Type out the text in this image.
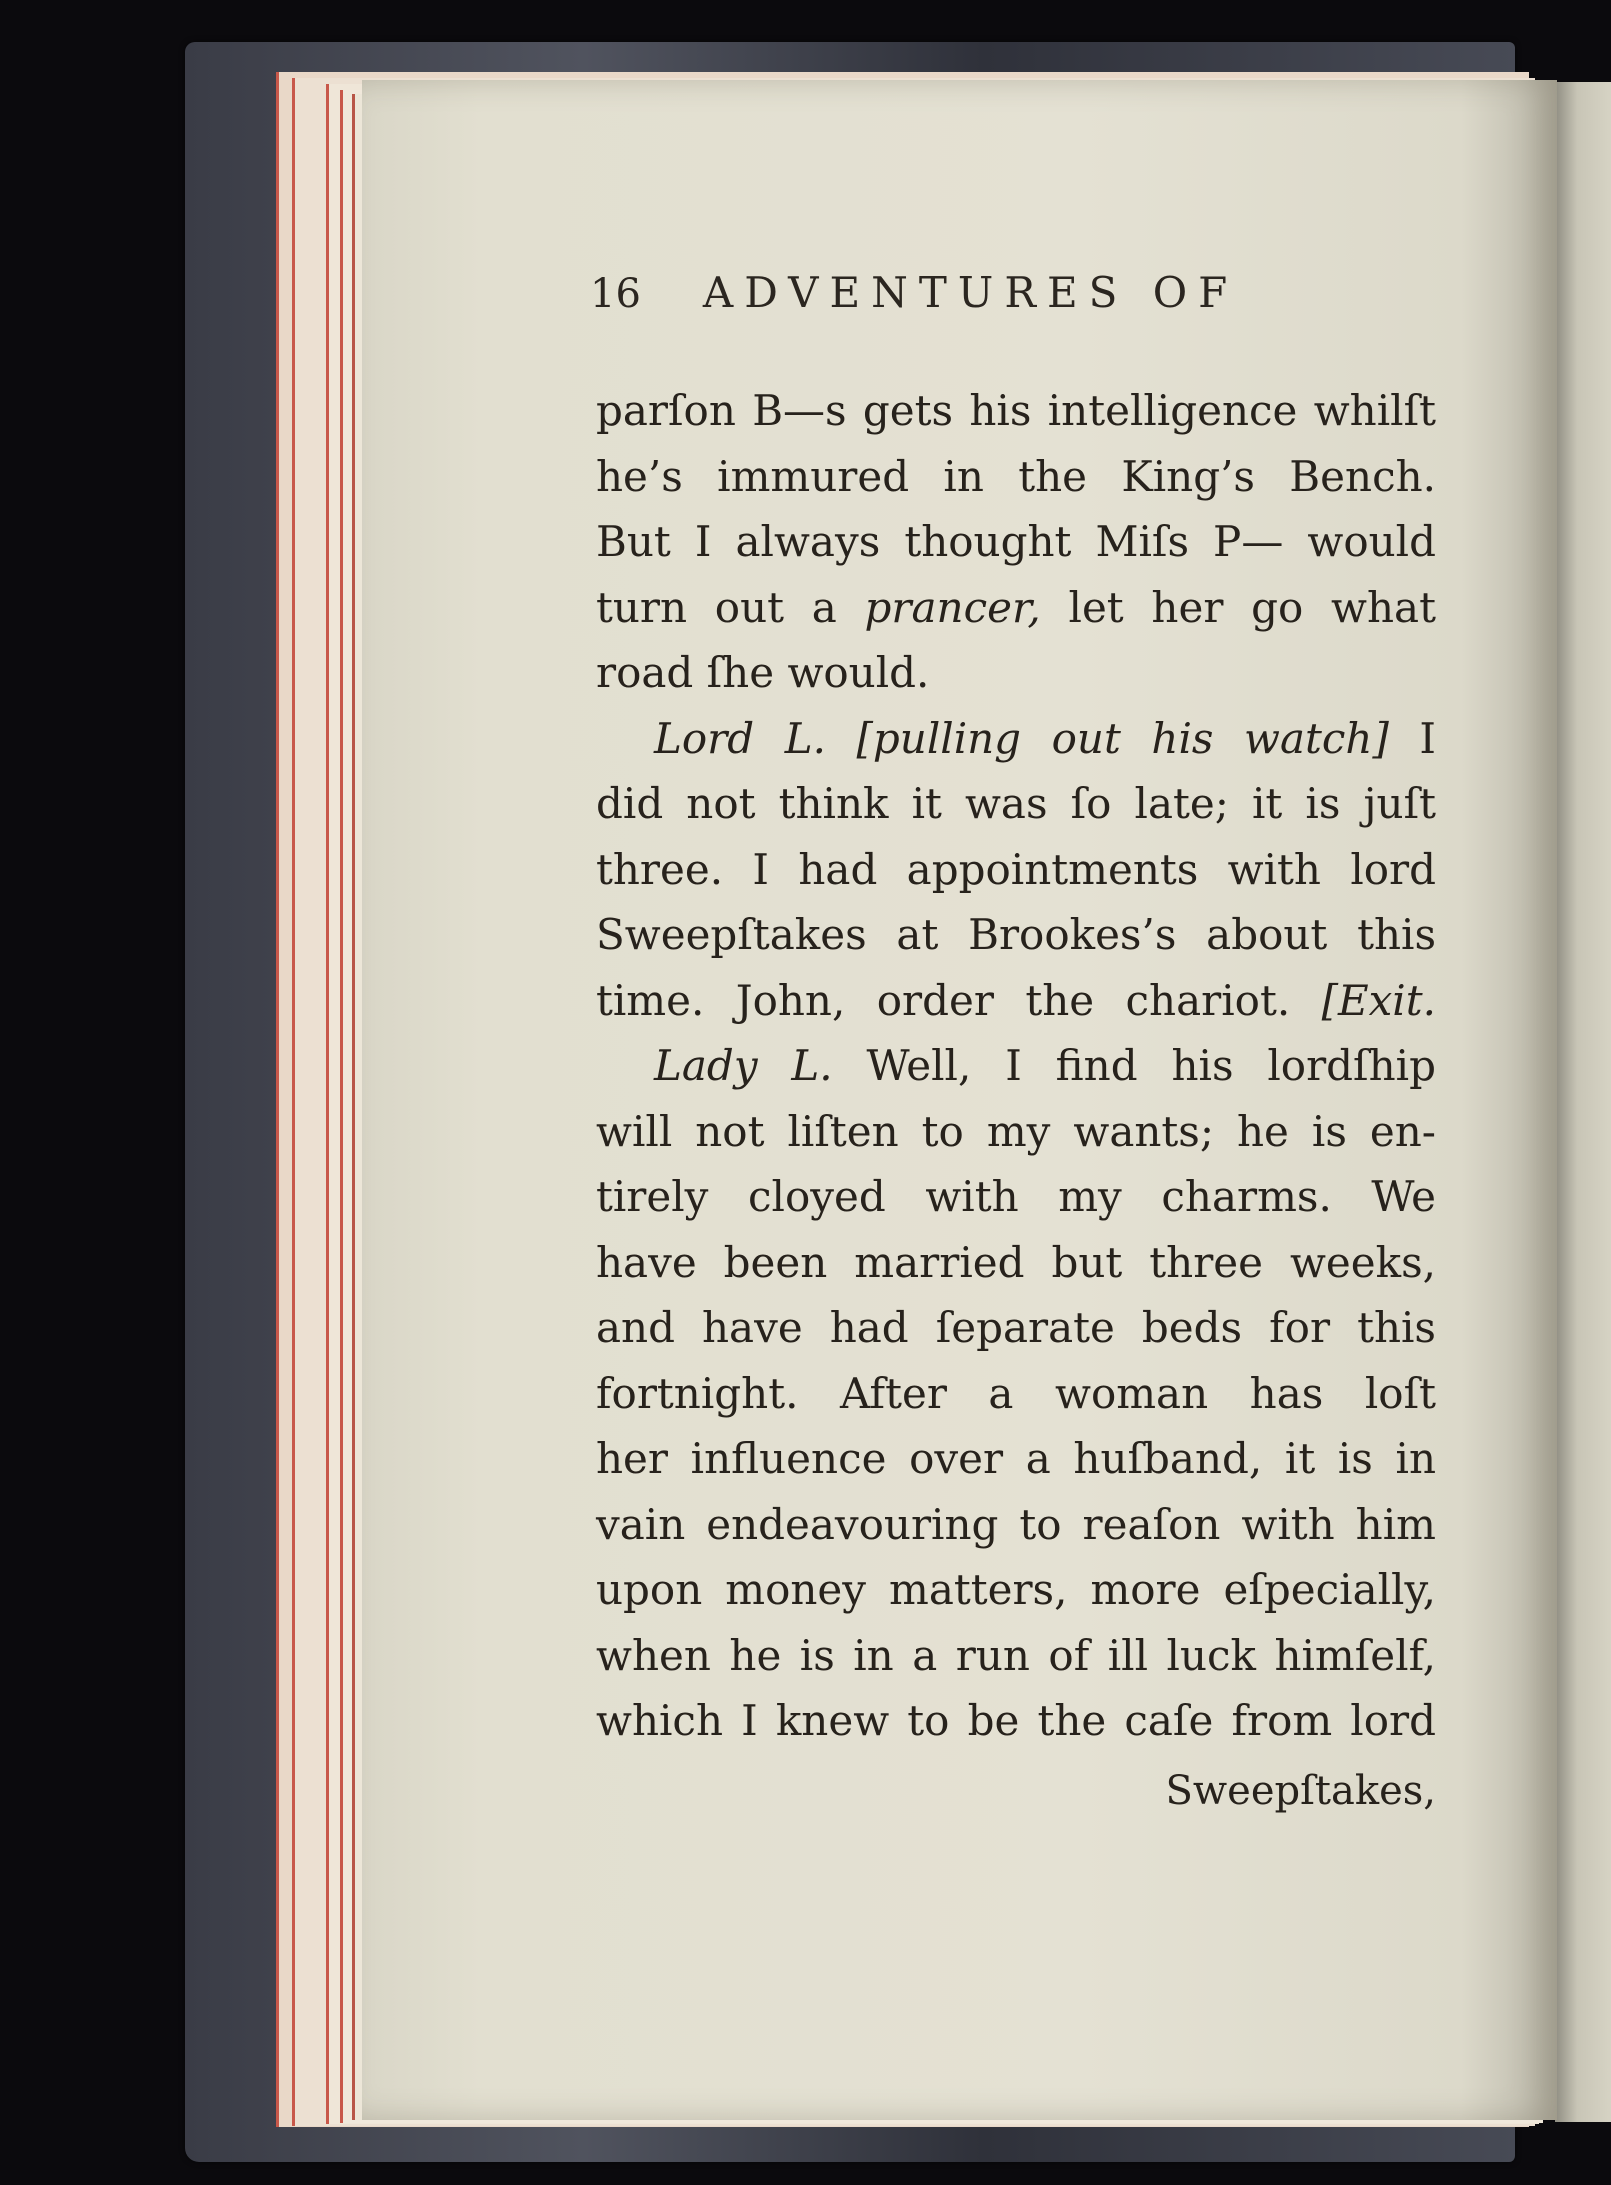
16 ADVENTURES OF
parſon B—s gets his intelligence whilſt
he’s immured in the King’s Bench.
But I always thought Miſs P— would
turn out a prancer, let her go what
road ſhe would.
Lord L. [pulling out his watch] I
did not think it was ſo late; it is juſt
three. I had appointments with lord
Sweepſtakes at Brookes’s about this
time. John, order the chariot. [Exit.
Lady L. Well, I find his lordſhip
will not liſten to my wants; he is en-
tirely cloyed with my charms. We
have been married but three weeks,
and have had ſeparate beds for this
fortnight. After a woman has loſt
her influence over a huſband, it is in
vain endeavouring to reaſon with him
upon money matters, more eſpecially,
when he is in a run of ill luck himſelf,
which I knew to be the caſe from lord
Sweepſtakes,
